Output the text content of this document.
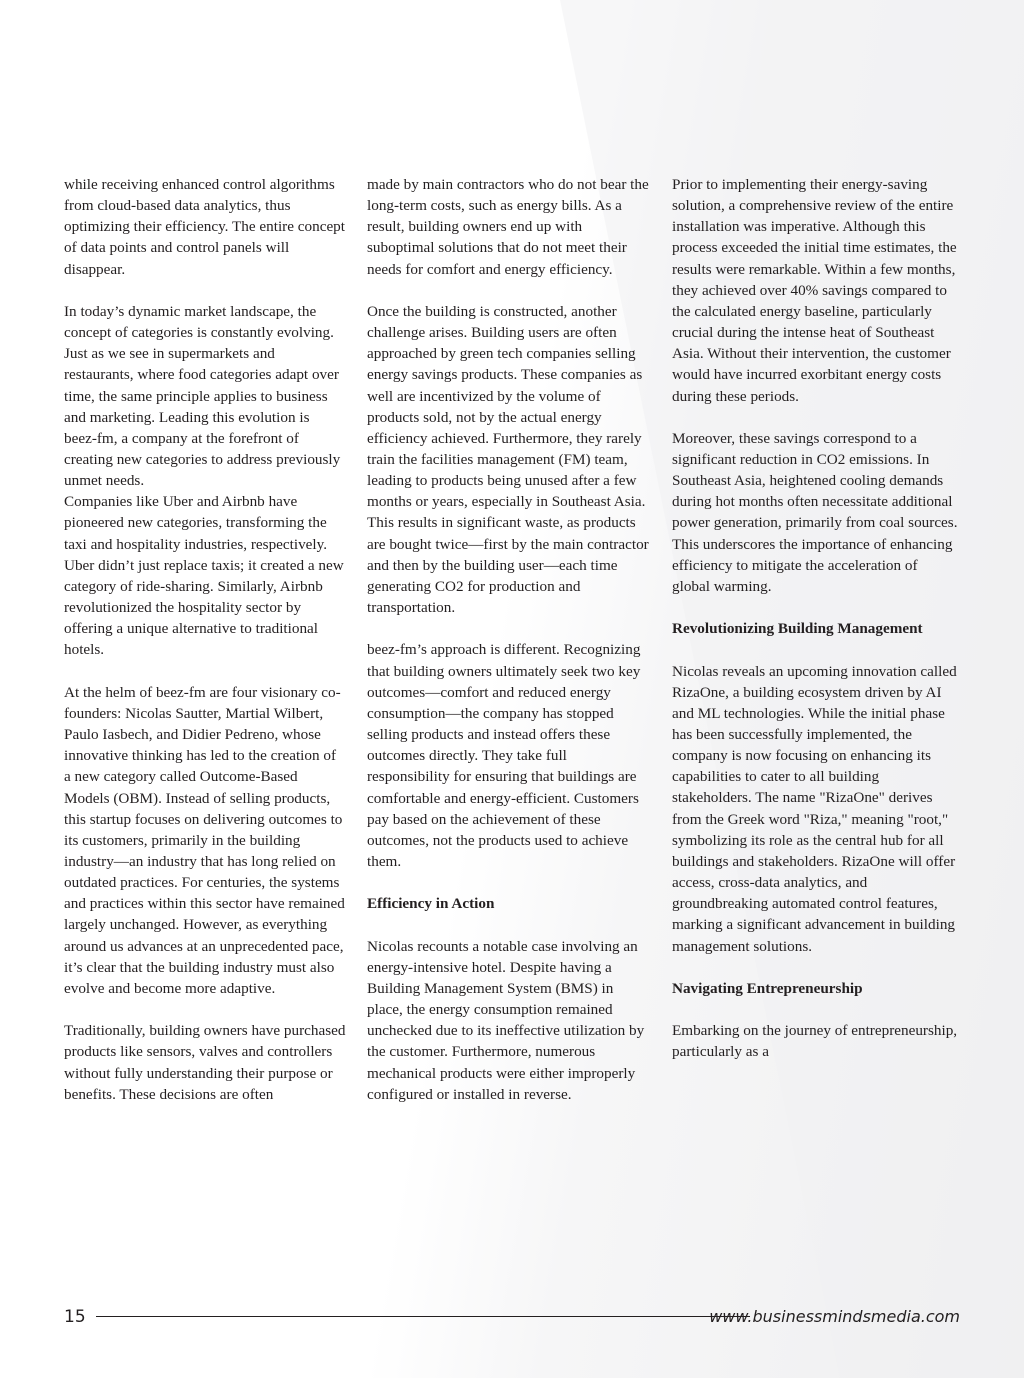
while receiving enhanced control algorithms from cloud-based data analytics, thus optimizing their efficiency. The entire concept of data points and control panels will disappear.

In today’s dynamic market landscape, the concept of categories is constantly evolving. Just as we see in supermarkets and restaurants, where food categories adapt over time, the same principle applies to business and marketing. Leading this evolution is beez-fm, a company at the forefront of creating new categories to address previously unmet needs.

Companies like Uber and Airbnb have pioneered new categories, transforming the taxi and hospitality industries, respectively. Uber didn’t just replace taxis; it created a new category of ride-sharing. Similarly, Airbnb revolutionized the hospitality sector by offering a unique alternative to traditional hotels.

At the helm of beez-fm are four visionary co-founders: Nicolas Sautter, Martial Wilbert, Paulo Iasbech, and Didier Pedreno, whose innovative thinking has led to the creation of a new category called Outcome-Based Models (OBM). Instead of selling products, this startup focuses on delivering outcomes to its customers, primarily in the building industry—an industry that has long relied on outdated practices. For centuries, the systems and practices within this sector have remained largely unchanged. However, as everything around us advances at an unprecedented pace, it’s clear that the building industry must also evolve and become more adaptive.

Traditionally, building owners have purchased products like sensors, valves and controllers without fully understanding their purpose or benefits. These decisions are often

made by main contractors who do not bear the long-term costs, such as energy bills. As a result, building owners end up with suboptimal solutions that do not meet their needs for comfort and energy efficiency.

Once the building is constructed, another challenge arises. Building users are often approached by green tech companies selling energy savings products. These companies as well are incentivized by the volume of products sold, not by the actual energy efficiency achieved. Furthermore, they rarely train the facilities management (FM) team, leading to products being unused after a few months or years, especially in Southeast Asia. This results in significant waste, as products are bought twice—first by the main contractor and then by the building user—each time generating CO2 for production and transportation.

beez-fm’s approach is different. Recognizing that building owners ultimately seek two key outcomes—comfort and reduced energy consumption—the company has stopped selling products and instead offers these outcomes directly. They take full responsibility for ensuring that buildings are comfortable and energy-efficient. Customers pay based on the achievement of these outcomes, not the products used to achieve them.

Efficiency in Action

Nicolas recounts a notable case involving an energy-intensive hotel. Despite having a Building Management System (BMS) in place, the energy consumption remained unchecked due to its ineffective utilization by the customer. Furthermore, numerous mechanical products were either improperly configured or installed in reverse.

Prior to implementing their energy-saving solution, a comprehensive review of the entire installation was imperative. Although this process exceeded the initial time estimates, the results were remarkable. Within a few months, they achieved over 40% savings compared to the calculated energy baseline, particularly crucial during the intense heat of Southeast Asia. Without their intervention, the customer would have incurred exorbitant energy costs during these periods.

Moreover, these savings correspond to a significant reduction in CO2 emissions. In Southeast Asia, heightened cooling demands during hot months often necessitate additional power generation, primarily from coal sources. This underscores the importance of enhancing efficiency to mitigate the acceleration of global warming.

Revolutionizing Building Management

Nicolas reveals an upcoming innovation called RizaOne, a building ecosystem driven by AI and ML technologies. While the initial phase has been successfully implemented, the company is now focusing on enhancing its capabilities to cater to all building stakeholders. The name "RizaOne" derives from the Greek word "Riza," meaning "root," symbolizing its role as the central hub for all buildings and stakeholders. RizaOne will offer access, cross-data analytics, and groundbreaking automated control features, marking a significant advancement in building management solutions.

Navigating Entrepreneurship

Embarking on the journey of entrepreneurship, particularly as a

15	www.businessmindsmedia.com
